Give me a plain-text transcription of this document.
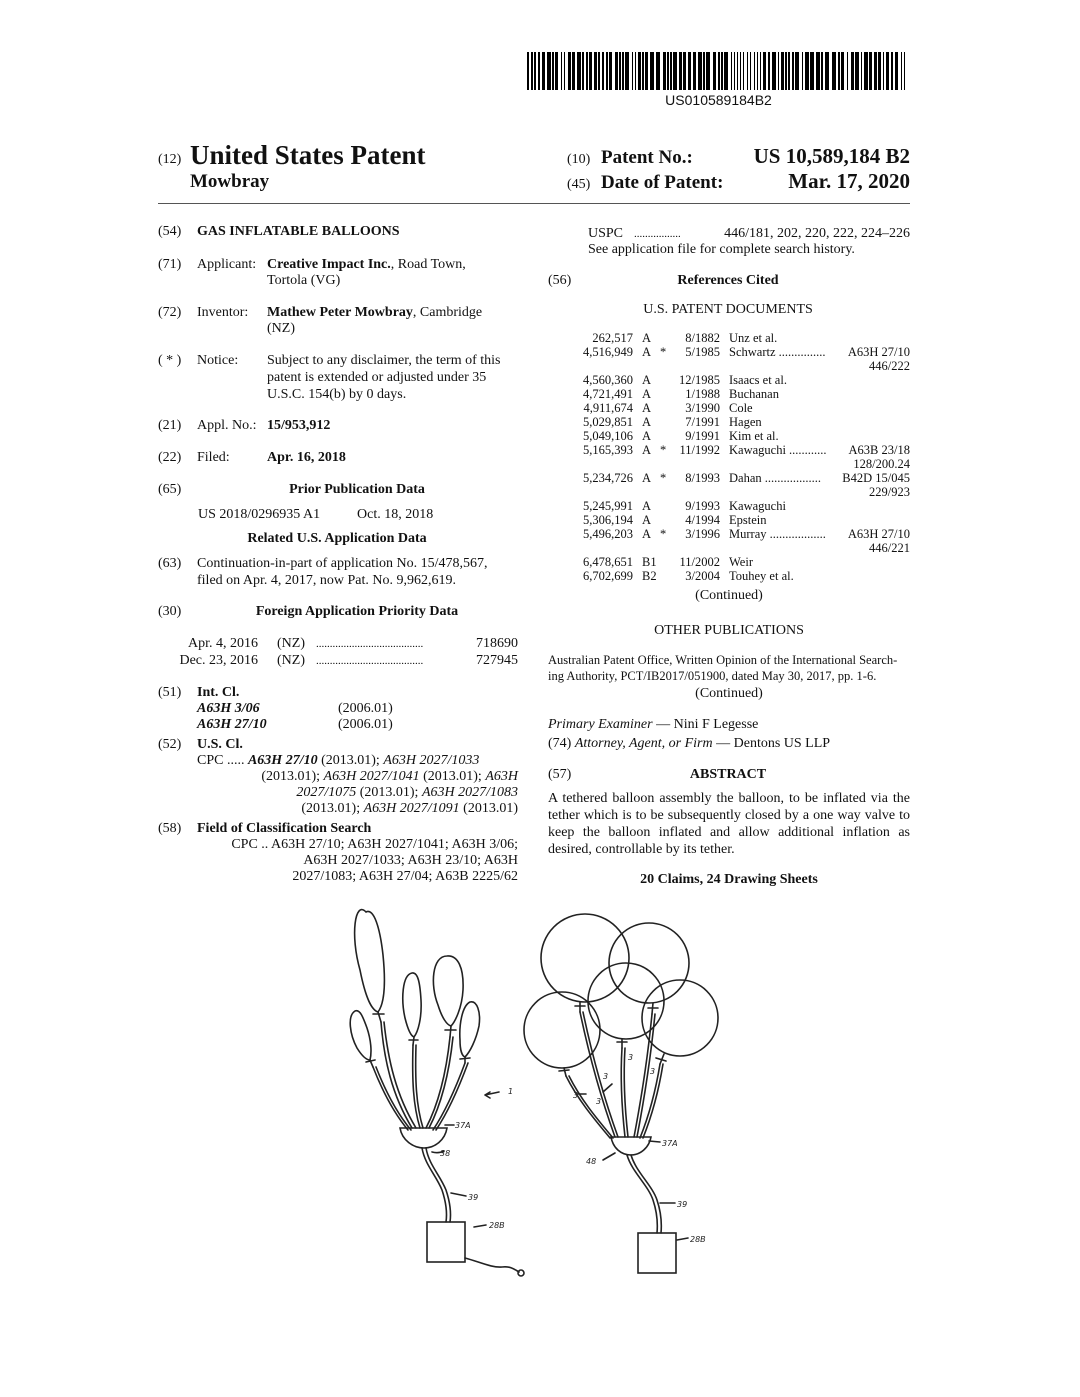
US010589184B2
(12) United States Patent
Mowbray
(10) Patent No.:	US 10,589,184 B2
(45) Date of Patent:	Mar. 17, 2020
(54) GAS INFLATABLE BALLOONS
(71) Applicant: Creative Impact Inc., Road Town,
Tortola (VG)
(72) Inventor: Mathew Peter Mowbray, Cambridge
(NZ)
( * ) Notice: Subject to any disclaimer, the term of this
patent is extended or adjusted under 35
U.S.C. 154(b) by 0 days.
(21) Appl. No.: 15/953,912
(22) Filed:	Apr. 16, 2018
(65)	Prior Publication Data
US 2018/0296935 A1	Oct. 18, 2018
Related U.S. Application Data
(63) Continuation-in-part of application No. 15/478,567,
filed on Apr. 4, 2017, now Pat. No. 9,962,619.
(30)	Foreign Application Priority Data
Apr. 4, 2016 (NZ) .......................................	718690
Dec. 23, 2016 (NZ) .......................................	727945
(51) Int. Cl.
A63H 3/06	(2006.01)
A63H 27/10	(2006.01)
(52) U.S. Cl.
CPC ..... A63H 27/10 (2013.01); A63H 2027/1033
(2013.01); A63H 2027/1041 (2013.01); A63H
2027/1075 (2013.01); A63H 2027/1083
(2013.01); A63H 2027/1091 (2013.01)
(58) Field of Classification Search
CPC .. A63H 27/10; A63H 2027/1041; A63H 3/06;
A63H 2027/1033; A63H 23/10; A63H
2027/1083; A63H 27/04; A63B 2225/62
USPC .................	446/181, 202, 220, 222, 224–226
See application file for complete search history.
(56)	References Cited
U.S. PATENT DOCUMENTS
262,517 A	8/1882 Unz et al.
4,516,949 A *	5/1985 Schwartz ...............	A63H 27/10
446/222
4,560,360 A	12/1985 Isaacs et al.
4,721,491 A	1/1988 Buchanan
4,911,674 A	3/1990 Cole
5,029,851 A	7/1991 Hagen
5,049,106 A	9/1991 Kim et al.
5,165,393 A *	11/1992 Kawaguchi ............	A63B 23/18
128/200.24
5,234,726 A *	8/1993 Dahan ..................	B42D 15/045
229/923
5,245,991 A	9/1993 Kawaguchi
5,306,194 A	4/1994 Epstein
5,496,203 A *	3/1996 Murray ..................	A63H 27/10
446/221
6,478,651 B1	11/2002 Weir
6,702,699 B2	3/2004 Touhey et al.
(Continued)
OTHER PUBLICATIONS
Australian Patent Office, Written Opinion of the International Search-
ing Authority, PCT/IB2017/051900, dated May 30, 2017, pp. 1-6.
(Continued)
Primary Examiner — Nini F Legesse
(74) Attorney, Agent, or Firm — Dentons US LLP
(57)	ABSTRACT
A tethered balloon assembly the balloon, to be inflated via the tether which is to be subsequently closed by a one way valve to keep the balloon inflated and allow additional inflation as desired, controllable by its tether.
20 Claims, 24 Drawing Sheets
1
37A
38
39
28B
3
3
3
3
3
37A
48
39
28B
